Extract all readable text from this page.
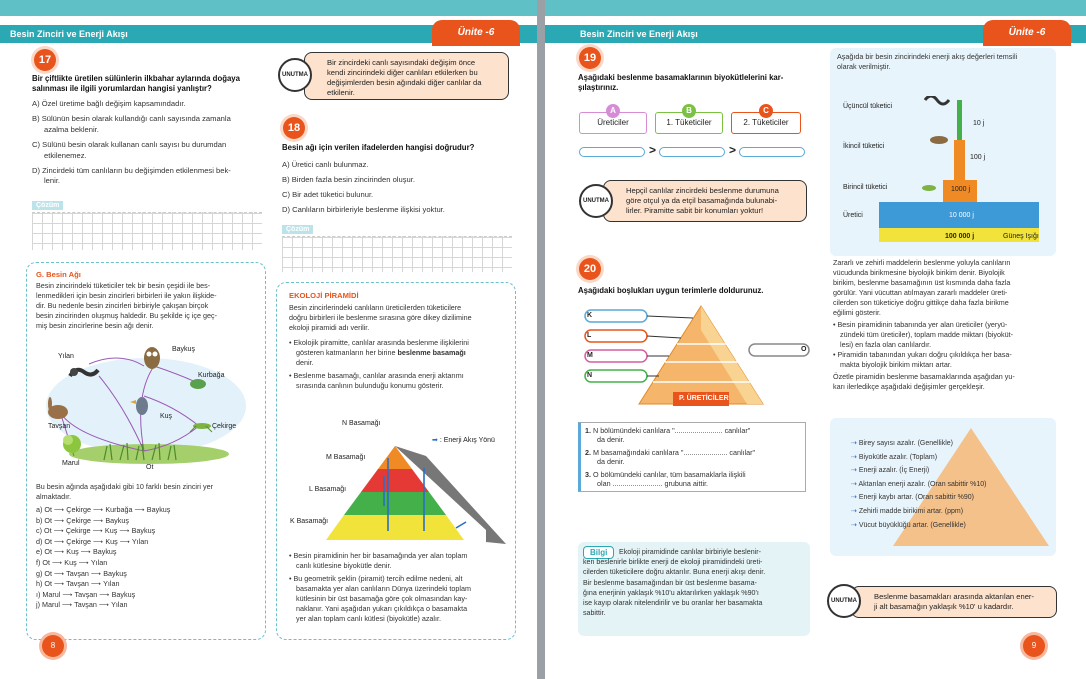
Besin Zinciri ve Enerji Akışı	Ünite -6
17
Bir çiftlikte üretilen sülünlerin ilkbahar aylarında doğaya
salınması ile ilgili yorumlardan hangisi yanlıştır?
A) Özel üretime bağlı değişim kapsamındadır.
B) Sülünün besin olarak kullandığı canlı sayısında zamanla
azalma beklenir.
C) Sülünü besin olarak kullanan canlı sayısı bu durumdan
etkilenemez.
D) Zincirdeki tüm canlıların bu değişimden etkilenmesi bek-
lenir.
Çözüm
Bir zincirdeki canlı sayısındaki değişim önce
kendi zincirindeki diğer canlıları etkilerken bu
değişimlerden besin ağındaki diğer canlılar da
etkilenir.
UNUTMA
18
Besin ağı için verilen ifadelerden hangisi doğrudur?
A) Üretici canlı bulunmaz.
B) Birden fazla besin zincirinden oluşur.
C) Bir adet tüketici bulunur.
D) Canlıların birbirleriyle beslenme ilişkisi yoktur.
Çözüm
G. Besin Ağı
Besin zincirindeki tüketiciler tek bir besin çeşidi ile bes-
lenmedikleri için besin zincirleri birbirleri ile yakın ilişkide-
dir. Bu nedenle besin zincirleri birbiriyle çakışan birçok
besin zincirinden oluşmuş haldedir. Bu şekilde iç içe geç-
miş besin zincirlerine besin ağı denir.
Yılan
Baykuş
Kurbağa
Kuş
Tavşan	Çekirge
Marul
Ot
Bu besin ağında aşağıdaki gibi 10 farklı besin zinciri yer
almaktadır.
a) Ot ⟶ Çekirge ⟶ Kurbağa ⟶ Baykuş
b) Ot ⟶ Çekirge ⟶ Baykuş
c) Ot ⟶ Çekirge ⟶ Kuş ⟶ Baykuş
d) Ot ⟶ Çekirge ⟶ Kuş ⟶ Yılan
e) Ot ⟶ Kuş ⟶ Baykuş
f) Ot ⟶ Kuş ⟶ Yılan
g) Ot ⟶ Tavşan ⟶ Baykuş
h) Ot ⟶ Tavşan ⟶ Yılan
ı) Marul ⟶ Tavşan ⟶ Baykuş
j) Marul ⟶ Tavşan ⟶ Yılan
EKOLOJİ PİRAMİDİ
Besin zincirlerindeki canlıların üreticilerden tüketicilere
doğru birbirleri ile beslenme sırasına göre dikey dizilimine
ekoloji piramidi adı verilir.
• Ekolojik piramitte, canlılar arasında beslenme ilişkilerini
gösteren katmanların her birine beslenme basamağı
denir.
• Beslenme basamağı, canlılar arasında enerji aktarımı
sırasında canlının bulunduğu konumu gösterir.
➡ : Enerji Akış Yönü
N Basamağı
M Basamağı
L Basamağı
K Basamağı
• Besin piramidinin her bir basamağında yer alan toplam
canlı kütlesine biyokütle denir.
• Bu geometrik şeklin (piramit) tercih edilme nedeni, alt
basamakta yer alan canlıların Dünya üzerindeki toplam
kütlesinin bir üst basamağa göre çok olmasından kay-
naklanır. Yani aşağıdan yukarı çıkıldıkça o basamakta
yer alan toplam canlı kütlesi (biyokütle) azalır.
8
Besin Zinciri ve Enerji Akışı	Ünite -6
19
Aşağıdaki beslenme basamaklarının biyokütlelerini kar-
şılaştırınız.
Üreticiler
A
1. Tüketiciler
B
2. Tüketiciler
C
>	>
Hepçil canlılar zincirdeki beslenme durumuna
göre otçul ya da etçil basamağında bulunabi-
lirler. Piramitte sabit bir konumları yoktur!
UNUTMA
20
Aşağıdaki boşlukları uygun terimlerle doldurunuz.
K
L
M
N
O
P. ÜRETİCİLER
1. N bölümündeki canlılara "........................ canlılar"
da denir.
2. M basamağındaki canlılara "...................... canlılar"
da denir.
3. O bölümündeki canlılar, tüm basamaklarla ilişkili
olan ......................... grubuna aittir.
Bilgi	Ekoloji piramidinde canlılar birbiriyle beslenir-
ken beslenirle birlikte enerji de ekoloji piramidindeki üreti-
cilerden tüketicilere doğru aktarılır. Buna enerji akışı denir.
Bir beslenme basamağından bir üst beslenme basama-
ğına enerjinin yaklaşık %10'u aktarılırken yaklaşık %90'ı
ise kayıp olarak nitelendirilir ve bu oranlar her basamakta
sabittir.
Aşağıda bir besin zincirindeki enerji akış değerleri temsili
olarak verilmiştir.
Üçüncül tüketici
İkincil tüketici
Birincil tüketici
Üretici
10 j
100 j
1000 j
10 000 j
100 000 j	Güneş Işığı
Zararlı ve zehirli maddelerin beslenme yoluyla canlıların
vücudunda birikmesine biyolojik birikim denir. Biyolojik
birikim, beslenme basamağının üst kısmında daha fazla
görülür. Yani vücuttan atılmayan zararlı maddeler üreti-
cilerden son tüketiciye doğru gittikçe daha fazla birikme
eğilimi gösterir.
• Besin piramidinin tabanında yer alan üreticiler (yeryü-
zündeki tüm üreticiler), toplam madde miktarı (biyoküt-
lesi) en fazla olan canlılardır.
• Piramidin tabanından yukarı doğru çıkıldıkça her basa-
makta biyolojik birikim miktarı artar.
Özetle piramidin beslenme basamaklarında aşağıdan yu-
karı ilerledikçe aşağıdaki değişimler gerçekleşir.
⇢ Birey sayısı azalır. (Genellikle)
⇢ Biyokütle azalır. (Toplam)
⇢ Enerji azalır. (İç Enerji)
⇢ Aktarılan enerji azalır. (Oran sabittir %10)
⇢ Enerji kaybı artar. (Oran sabittir %90)
⇢ Zehirli madde birikimi artar. (ppm)
⇢ Vücut büyüklüğü artar. (Genellikle)
Beslenme basamakları arasında aktarılan ener-
ji alt basamağın yaklaşık %10' u kadardır.
UNUTMA
9
